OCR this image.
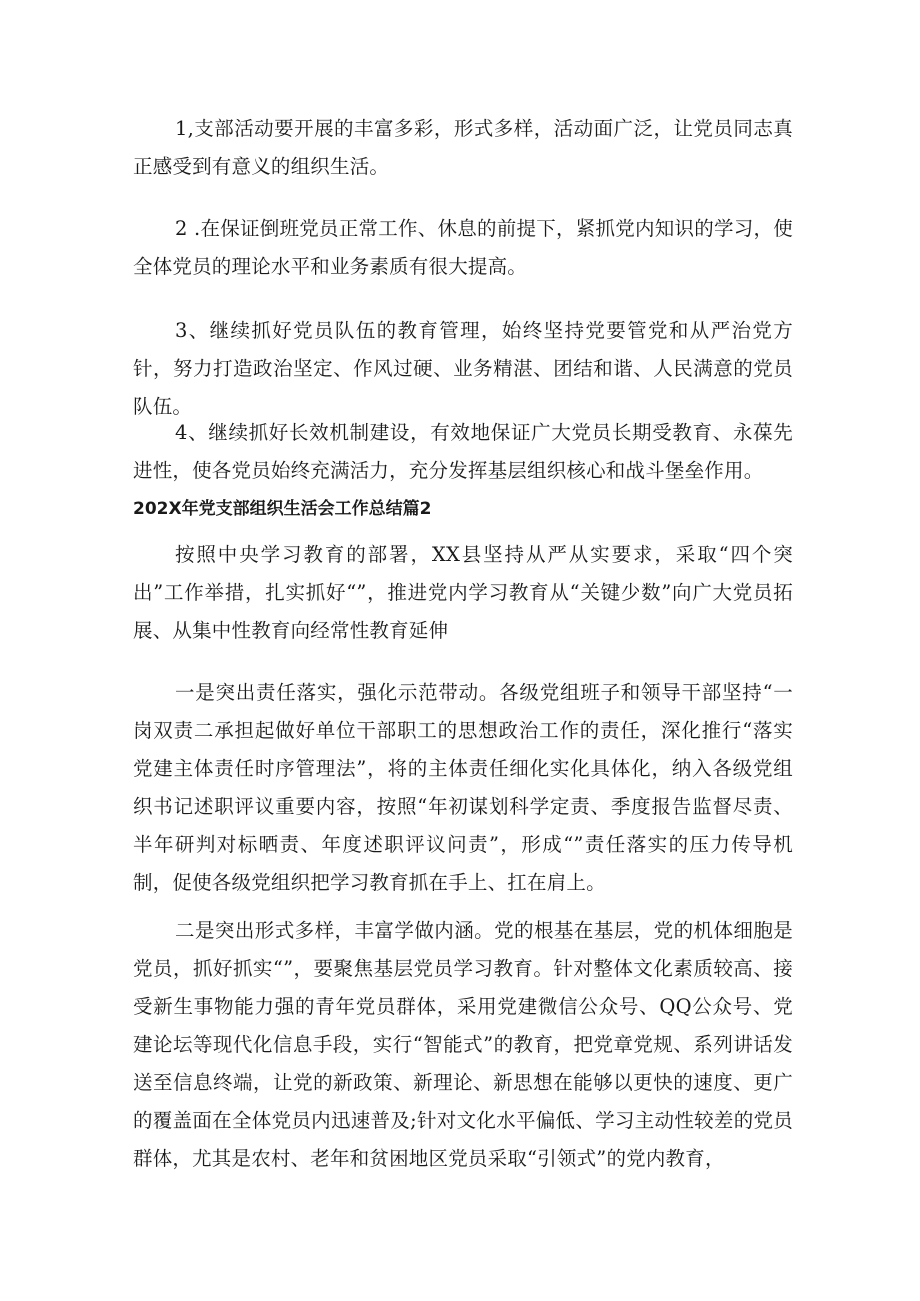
1,支部活动要开展的丰富多彩，形式多样，活动面广泛，让党员同志真正感受到有意义的组织生活。

2 .在保证倒班党员正常工作、休息的前提下，紧抓党内知识的学习，使全体党员的理论水平和业务素质有很大提高。

3、继续抓好党员队伍的教育管理，始终坚持党要管党和从严治党方针，努力打造政治坚定、作风过硬、业务精湛、团结和谐、人民满意的党员队伍。

4、继续抓好长效机制建设，有效地保证广大党员长期受教育、永葆先进性，使各党员始终充满活力，充分发挥基层组织核心和战斗堡垒作用。

202X年党支部组织生活会工作总结篇2

按照中央学习教育的部署，XX县坚持从严从实要求，采取“四个突出”工作举措，扎实抓好“”，推进党内学习教育从“关键少数”向广大党员拓展、从集中性教育向经常性教育延伸

一是突出责任落实，强化示范带动。各级党组班子和领导干部坚持“一岗双责二承担起做好单位干部职工的思想政治工作的责任，深化推行“落实党建主体责任时序管理法”，将的主体责任细化实化具体化，纳入各级党组织书记述职评议重要内容，按照“年初谋划科学定责、季度报告监督尽责、半年研判对标晒责、年度述职评议问责”，形成“”责任落实的压力传导机制，促使各级党组织把学习教育抓在手上、扛在肩上。

二是突出形式多样，丰富学做内涵。党的根基在基层，党的机体细胞是党员，抓好抓实“”，要聚焦基层党员学习教育。针对整体文化素质较高、接受新生事物能力强的青年党员群体，采用党建微信公众号、QQ公众号、党建论坛等现代化信息手段，实行“智能式”的教育，把党章党规、系列讲话发送至信息终端，让党的新政策、新理论、新思想在能够以更快的速度、更广的覆盖面在全体党员内迅速普及;针对文化水平偏低、学习主动性较差的党员群体，尤其是农村、老年和贫困地区党员采取“引领式”的党内教育，
